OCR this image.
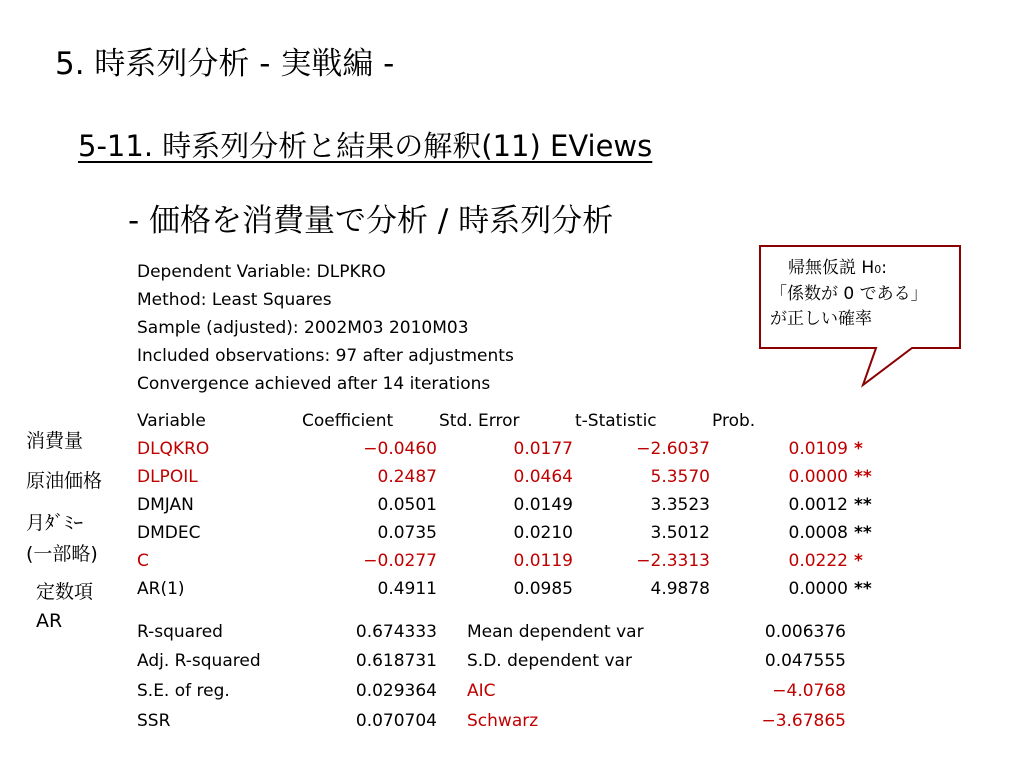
5. 時系列分析 - 実戦編 -
5-11. 時系列分析と結果の解釈(11) EViews
- 価格を消費量で分析 / 時系列分析
帰無仮説 H0:
「係数が 0 である」
が正しい確率
Dependent Variable: DLPKRO
Method: Least Squares
Sample (adjusted): 2002M03 2010M03
Included observations: 97 after adjustments
Convergence achieved after 14 iterations
Variable	Coefficient	Std. Error	t-Statistic	Prob.
DLQKRO	−0.0460	0.0177	−2.6037	0.0109 *
DLPOIL	0.2487	0.0464	5.3570	0.0000 **
DMJAN	0.0501	0.0149	3.3523	0.0012 **
DMDEC	0.0735	0.0210	3.5012	0.0008 **
C	−0.0277	0.0119	−2.3313	0.0222 *
AR(1)	0.4911	0.0985	4.9878	0.0000 **
消費量
原油価格
月ﾀﾞﾐｰ
(一部略)
定数項
AR	R-squared	0.674333 Mean dependent var	0.006376
Adj. R-squared	0.618731 S.D. dependent var	0.047555
S.E. of reg.	0.029364 AIC	−4.0768
SSR	0.070704 Schwarz	−3.67865
